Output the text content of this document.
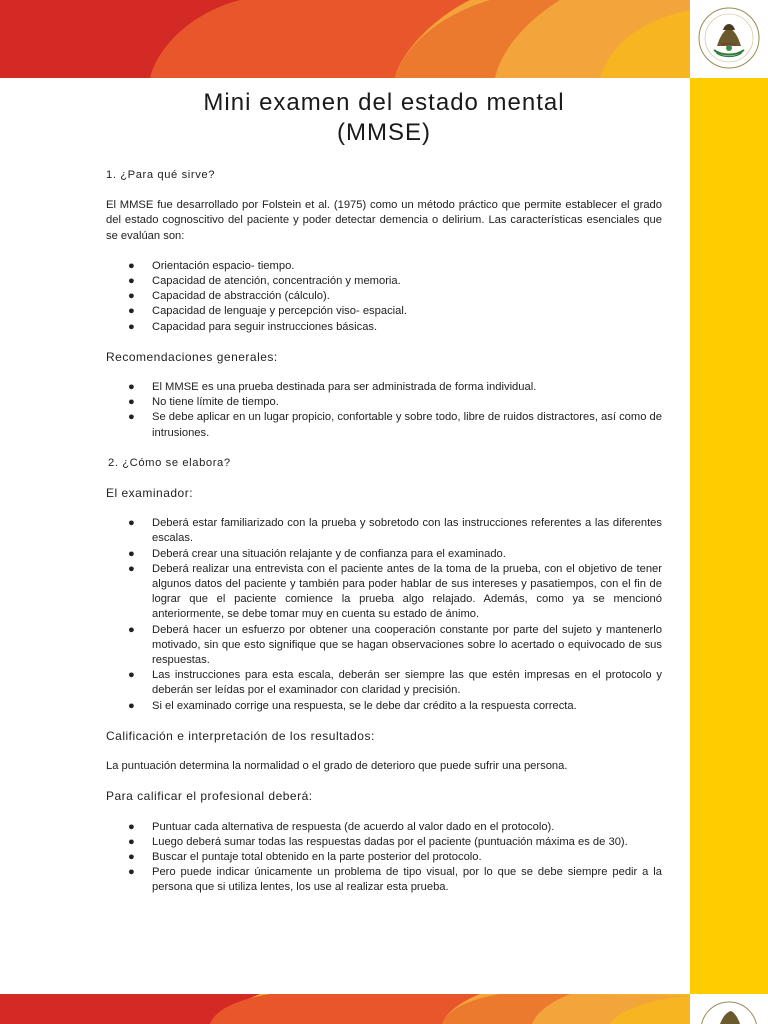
Mini examen del estado mental
(MMSE)
1. ¿Para qué sirve?

El MMSE fue desarrollado por Folstein et al. (1975) como un método práctico que permite establecer el grado del estado cognoscitivo del paciente y poder detectar demencia o delirium. Las características esenciales que se evalúan son:

● Orientación espacio- tiempo.
● Capacidad de atención, concentración y memoria.
● Capacidad de abstracción (cálculo).
● Capacidad de lenguaje y percepción viso- espacial.
● Capacidad para seguir instrucciones básicas.
Recomendaciones generales:
● El MMSE es una prueba destinada para ser administrada de forma individual.
● No tiene límite de tiempo.
● Se debe aplicar en un lugar propicio, confortable y sobre todo, libre de ruidos distractores, así como de intrusiones.
2. ¿Cómo se elabora?
El examinador:
● Deberá estar familiarizado con la prueba y sobretodo con las instrucciones referentes a las diferentes escalas.
● Deberá crear una situación relajante y de confianza para el examinado.
● Deberá realizar una entrevista con el paciente antes de la toma de la prueba, con el objetivo de tener algunos datos del paciente y también para poder hablar de sus intereses y pasatiempos, con el fin de lograr que el paciente comience la prueba algo relajado. Además, como ya se mencionó anteriormente, se debe tomar muy en cuenta su estado de ánimo.
● Deberá hacer un esfuerzo por obtener una cooperación constante por parte del sujeto y mantenerlo motivado, sin que esto signifique que se hagan observaciones sobre lo acertado o equivocado de sus respuestas.
● Las instrucciones para esta escala, deberán ser siempre las que estén impresas en el protocolo y deberán ser leídas por el examinador con claridad y precisión.
● Si el examinado corrige una respuesta, se le debe dar crédito a la respuesta correcta.
Calificación e interpretación de los resultados:

La puntuación determina la normalidad o el grado de deterioro que puede sufrir una persona.

Para calificar el profesional deberá:
● Puntuar cada alternativa de respuesta (de acuerdo al valor dado en el protocolo).
● Luego deberá sumar todas las respuestas dadas por el paciente (puntuación máxima es de 30).
● Buscar el puntaje total obtenido en la parte posterior del protocolo.
● Pero puede indicar únicamente un problema de tipo visual, por lo que se debe siempre pedir a la persona que si utiliza lentes, los use al realizar esta prueba.
